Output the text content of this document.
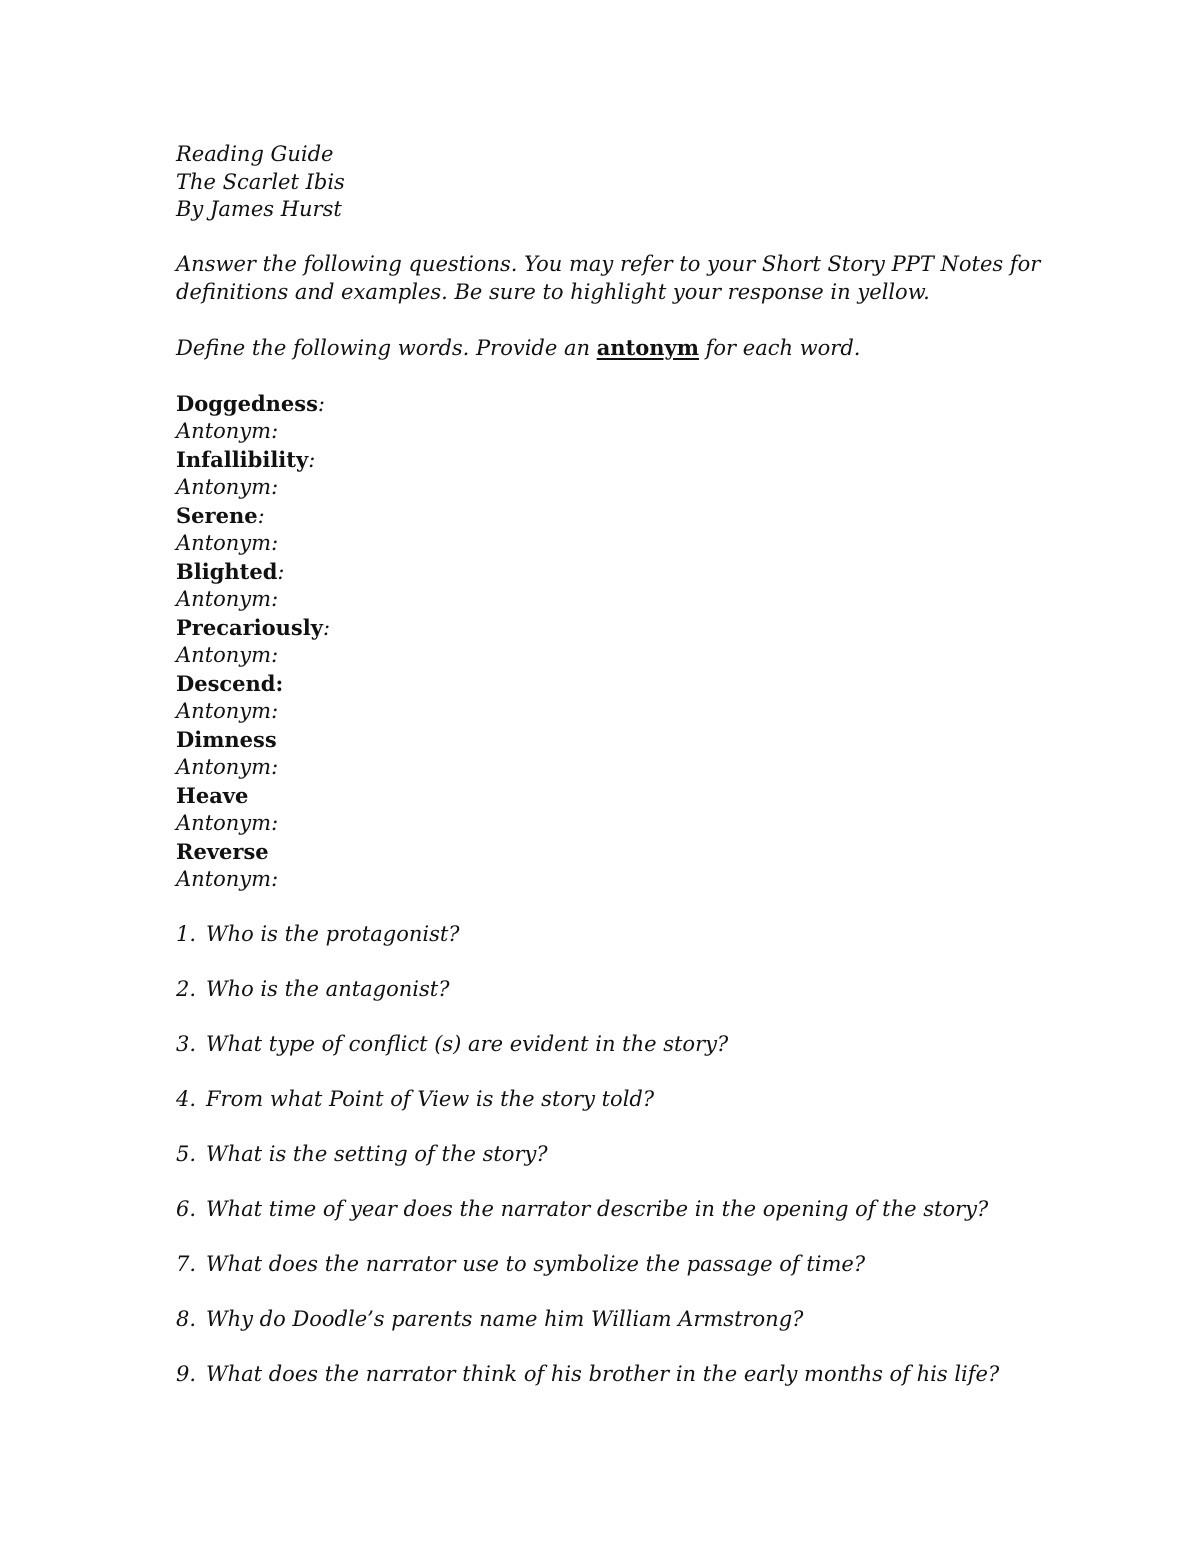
Reading Guide
The Scarlet Ibis
By James Hurst
Answer the following questions. You may refer to your Short Story PPT Notes for
definitions and examples. Be sure to highlight your response in yellow.
Define the following words. Provide an antonym for each word.
Doggedness:
Antonym:
Infallibility:
Antonym:
Serene:
Antonym:
Blighted:
Antonym:
Precariously:
Antonym:
Descend:
Antonym:
Dimness
Antonym:
Heave
Antonym:
Reverse
Antonym:
1. Who is the protagonist?
2. Who is the antagonist?
3. What type of conflict (s) are evident in the story?
4. From what Point of View is the story told?
5. What is the setting of the story?
6. What time of year does the narrator describe in the opening of the story?
7. What does the narrator use to symbolize the passage of time?
8. Why do Doodle’s parents name him William Armstrong?
9. What does the narrator think of his brother in the early months of his life?
